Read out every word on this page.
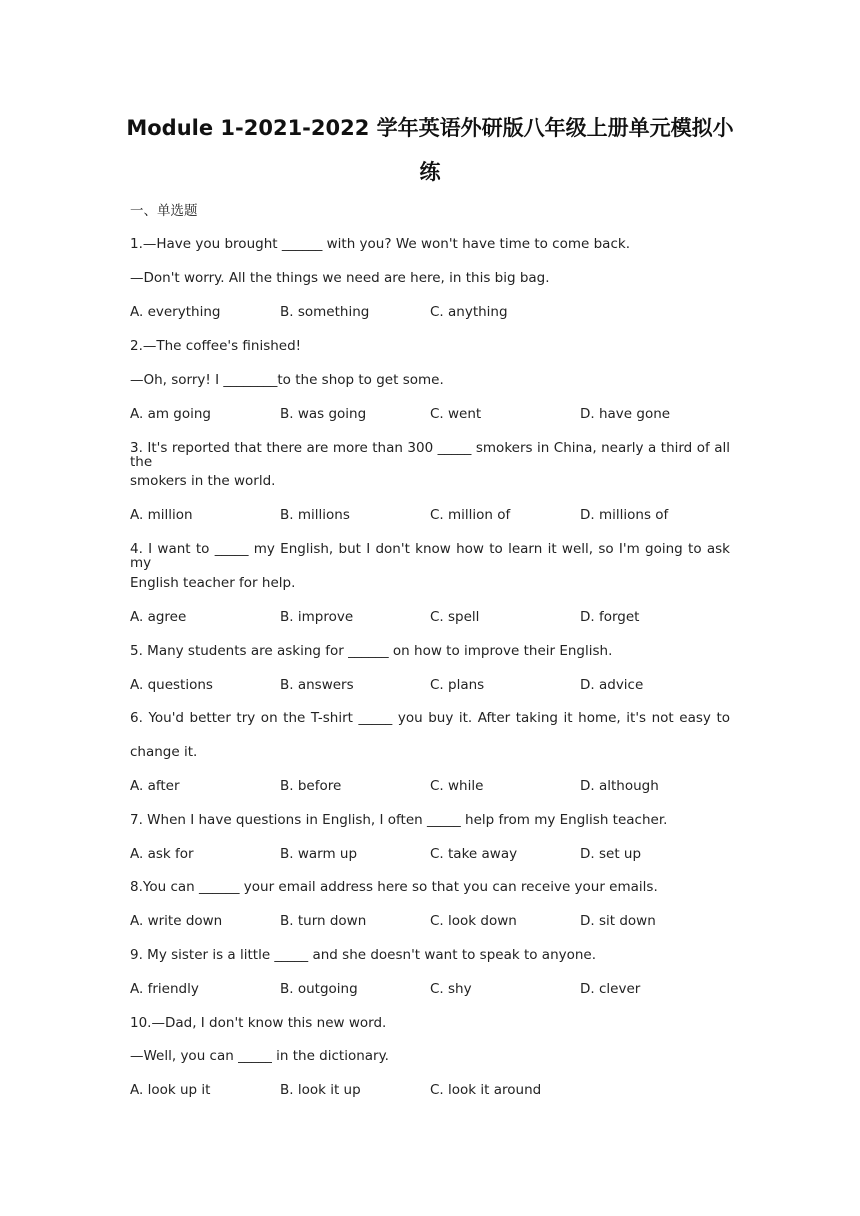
Module 1-2021-2022 学年英语外研版八年级上册单元模拟小
练
一、单选题
1.—Have you brought ______ with you? We won't have time to come back.
—Don't worry. All the things we need are here, in this big bag.
A. everything	B. something	C. anything
2.—The coffee's finished!
—Oh, sorry! I ________to the shop to get some.
A. am going	B. was going	C. went	D. have gone
3. It's reported that there are more than 300 _____ smokers in China, nearly a third of all the
smokers in the world.
A. million	B. millions	C. million of	D. millions of
4. I want to _____ my English, but I don't know how to learn it well, so I'm going to ask my
English teacher for help.
A. agree	B. improve	C. spell	D. forget
5. Many students are asking for ______ on how to improve their English.
A. questions	B. answers	C. plans	D. advice
6. You'd better try on the T-shirt _____ you buy it. After taking it home, it's not easy to
change it.
A. after	B. before	C. while	D. although
7. When I have questions in English, I often _____ help from my English teacher.
A. ask for	B. warm up	C. take away	D. set up
8.You can ______ your email address here so that you can receive your emails.
A. write down	B. turn down	C. look down	D. sit down
9. My sister is a little _____ and she doesn't want to speak to anyone.
A. friendly	B. outgoing	C. shy	D. clever
10.—Dad, I don't know this new word.
—Well, you can _____ in the dictionary.
A. look up it	B. look it up	C. look it around
